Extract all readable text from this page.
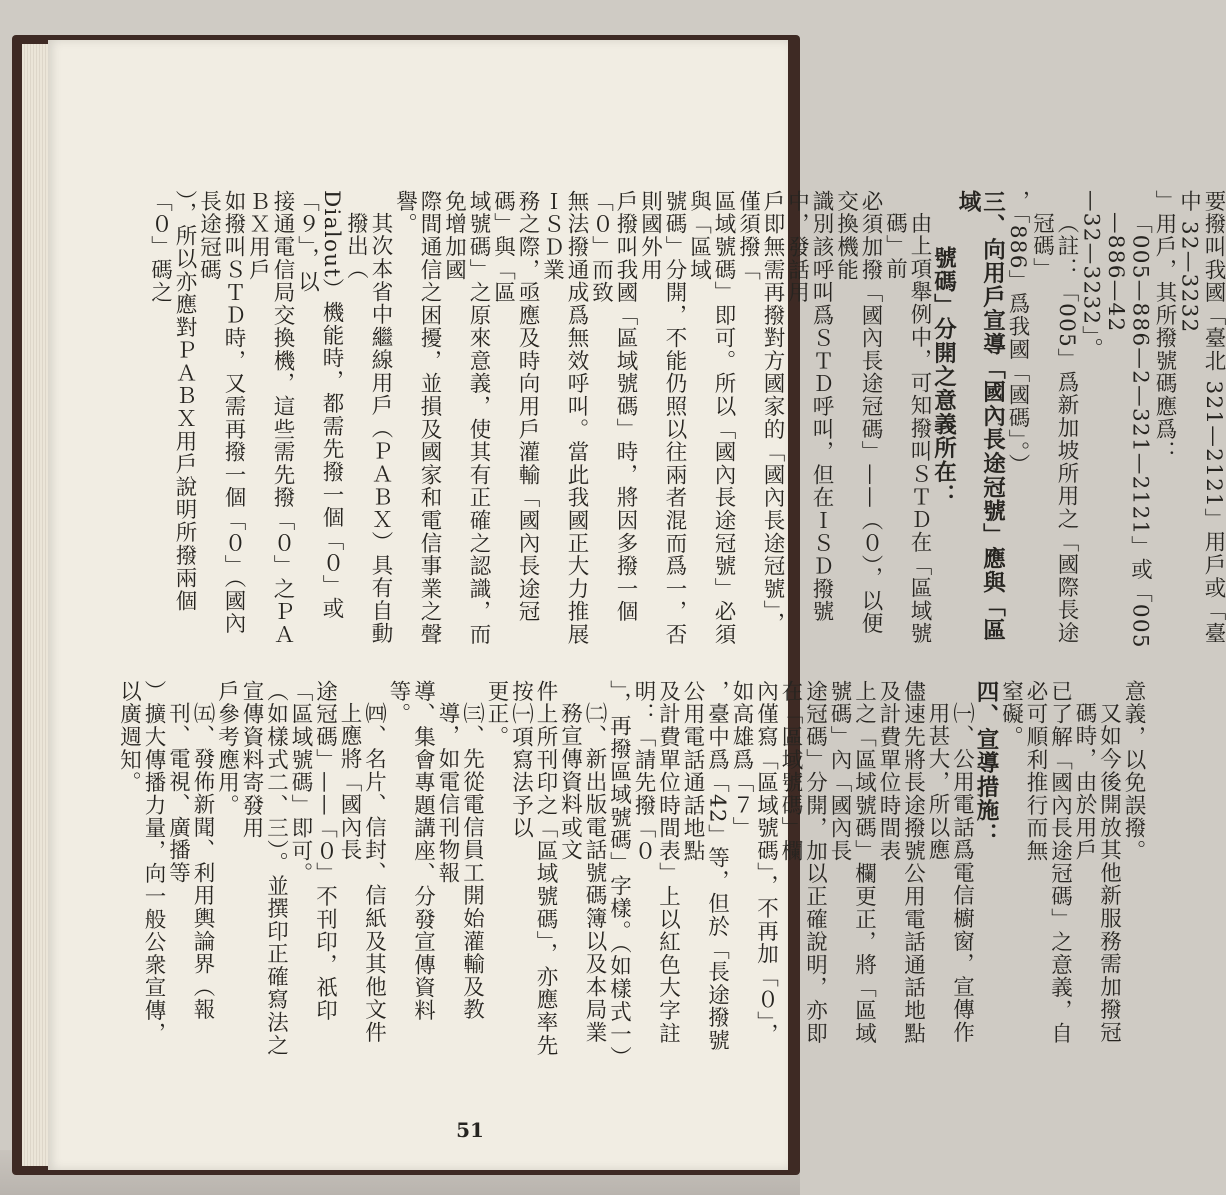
要撥叫我國「臺北 321—2121」用戶或「臺中 32—3232

」用戶，其所撥號碼應爲：

「005—886—2—321—2121」或「005—886—42

—32—3232」。

（註：「005」爲新加坡所用之「國際長途冠碼」

，「886」爲我國「國碼」。）

三、向用戶宣導「國內長途冠號」應與「區域
號碼」分開之意義所在：

由上項舉例中，可知撥叫ＳＴＤ在「區域號碼」前

必須加撥「國內長途冠碼」——（０），以便交換機能

識別該呼叫爲ＳＴＤ呼叫，但在ＩＳＤ撥號中，發話用

戶即無需再撥對方國家的「國內長途冠號」，僅須撥「

區域號碼」即可。所以「國內長途冠號」必須與「區域

號碼」分開，不能仍照以往兩者混而爲一，否則國外用

戶撥叫我國「區域號碼」時，將因多撥一個「０」而致

無法撥通成爲無效呼叫。當此我國正大力推展ＩＳＤ業

務之際，亟應及時向用戶灌輸「國內長途冠碼」與「區

域號碼」之原來意義，使其有正確之認識，而免增加國

際間通信之困擾，並損及國家和電信事業之聲譽。

其次本省中繼線用戶（ＰＡＢＸ）具有自動撥出（

Dialout）機能時，都需先撥一個「０」或「９」，以

接通電信局交換機，這些需先撥「０」之ＰＡＢＸ用戶

如撥叫ＳＴＤ時，又需再撥一個「０」（國內長途冠碼

），所以亦應對ＰＡＢＸ用戶說明所撥兩個「０」碼之

意義，以免誤撥。

又如今後開放其他新服務需加撥冠碼時，由於用戶

已了解「國內長途冠碼」之意義，自必可順利推行而無

窒礙。

四、宣導措施：

㈠、公用電話爲電信櫥窗，宣傳作用甚大，所以應

儘速先將長途撥號公用電話通話地點及計費單位時間表

上之「區域號碼」欄更正，將「區域號碼」內「國內長

途冠碼」分開，加以正確說明，亦即在「區域號碼」欄

內僅寫「區域號碼」，不再加「０」，如高雄爲「７」

，臺中爲「42」等，但於「長途撥號公用電話通話地點

及計費單位時間表」上以紅色大字註明：「請先撥「０

」，再撥區域號碼」字樣。（如樣式一）

㈡、新出版電話號碼簿以及本局業務宣傳資料或文

件上所刊印之「區域號碼」，亦應率先按㈠項寫法予以

更正。

㈢、先從電信員工開始灌輸及教導，如電信刊物報

導、集會專題講座、分發宣傳資料等。

㈣、名片、信封、信紙及其他文件上應將「國內長

途冠碼」——「０」不刊印，祇印「區域號碼」即可。

（如樣式二、三）。並撰印正確寫法之宣傳資料寄發用

戶參考應用。

㈤、發佈新聞、利用輿論界（報刊、電視、廣播等

）擴大傳播力量，向一般公衆宣傳，以廣週知。

51
